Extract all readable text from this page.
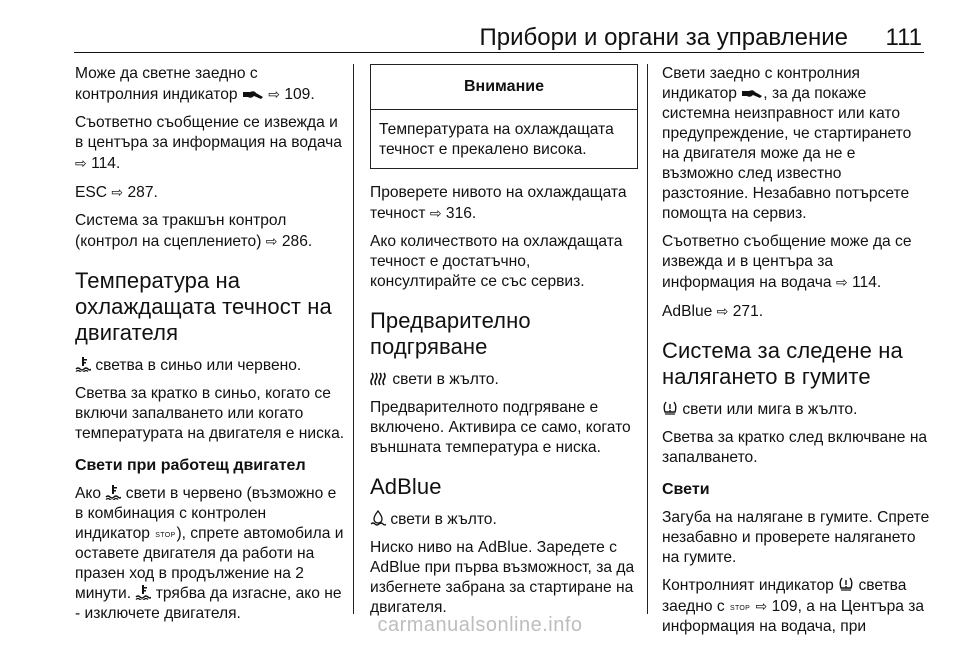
Прибори и органи за управление 111

Може да светне заедно с контролния индикатор ⇨ 109.

Съответно съобщение се извежда и в центъра за информация на водача ⇨ 114.

ESC ⇨ 287.

Система за тракшън контрол (контрол на сцеплението) ⇨ 286.

Температура на охлаждащата течност на двигателя

светва в синьо или червено.

Светва за кратко в синьо, когато се включи запалването или когато температурата на двигателя е ниска.

Свети при работещ двигател

Ако свети в червено (възможно е в комбинация с контролен индикатор STOP), спрете автомобила и оставете двигателя да работи на празен ход в продължение на 2 минути. трябва да изгасне, ако не - изключете двигателя.

Внимание
Температурата на охлаждащата течност е прекалено висока.

Проверете нивото на охлаждащата течност ⇨ 316.

Ако количеството на охлаждащата течност е достатъчно, консултирайте се със сервиз.

Предварително подгряване

свети в жълто.

Предварителното подгряване е включено. Активира се само, когато външната температура е ниска.

AdBlue

свети в жълто.

Ниско ниво на AdBlue. Заредете с AdBlue при първа възможност, за да избегнете забрана за стартиране на двигателя.

Свети заедно с контролния индикатор , за да покаже системна неизправност или като предупреждение, че стартирането на двигателя може да не е възможно след известно разстояние. Незабавно потърсете помощта на сервиз.

Съответно съобщение може да се извежда и в центъра за информация на водача ⇨ 114.

AdBlue ⇨ 271.

Система за следене на налягането в гумите

свети или мига в жълто.

Светва за кратко след включване на запалването.

Свети

Загуба на налягане в гумите. Спрете незабавно и проверете налягането на гумите.

Контролният индикатор светва заедно с STOP ⇨ 109, а на Центъра за информация на водача, при

carmanualsonline.info
